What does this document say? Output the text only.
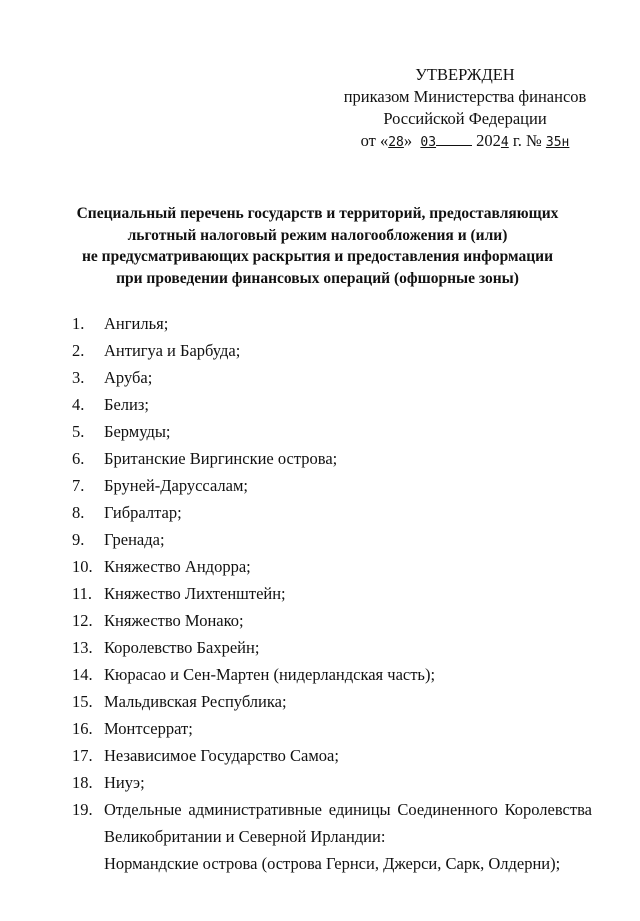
УТВЕРЖДЕН
приказом Министерства финансов
Российской Федерации
от «28» 03 2024 г. № 35н
Специальный перечень государств и территорий, предоставляющих
льготный налоговый режим налогообложения и (или)
не предусматривающих раскрытия и предоставления информации
при проведении финансовых операций (офшорные зоны)
1.	Ангилья;
2.	Антигуа и Барбуда;
3.	Аруба;
4.	Белиз;
5.	Бермуды;
6.	Британские Виргинские острова;
7.	Бруней-Даруссалам;
8.	Гибралтар;
9.	Гренада;
10. Княжество Андорра;
11. Княжество Лихтенштейн;
12. Княжество Монако;
13. Королевство Бахрейн;
14. Кюрасао и Сен-Мартен (нидерландская часть);
15. Мальдивская Республика;
16. Монтсеррат;
17. Независимое Государство Самоа;
18. Ниуэ;
19. Отдельные административные единицы Соединенного Королевства
Великобритании и Северной Ирландии:
Нормандские острова (острова Гернси, Джерси, Сарк, Олдерни);
